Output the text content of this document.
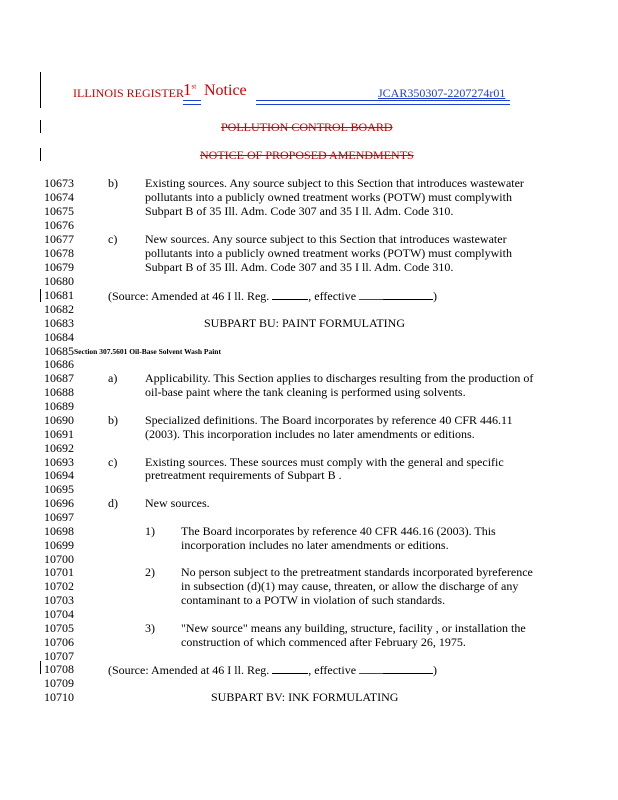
ILLINOIS REGISTER 1st Notice	JCAR350307-2207274r01
POLLUTION CONTROL BOARD
NOTICE OF PROPOSED AMENDMENTS
10673
10674
10675
10676
10677
10678
10679
10680
10681
10682
10683
10684
10685
10686
10687
10688
10689
10690
10691
10692
10693
10694
10695
10696
10697
10698
10699
10700
10701
10702
10703
10704
10705
10706
10707
10708
10709
10710
b) Existing sources. Any source subject to this Section that introduces wastewater
pollutants into a publicly owned treatment works (POTW) must complywith
Subpart B of 35 Ill. Adm. Code 307 and 35 I ll. Adm. Code 310.
c) New sources. Any source subject to this Section that introduces wastewater
pollutants into a publicly owned treatment works (POTW) must complywith
Subpart B of 35 Ill. Adm. Code 307 and 35 I ll. Adm. Code 310.
(Source: Amended at 46 I ll. Reg.	, effective	)
SUBPART BU: PAINT FORMULATING
Section 307.5601 Oil-Base Solvent Wash Paint
a) Applicability. This Section applies to discharges resulting from the production of
oil-base paint where the tank cleaning is performed using solvents.
b) Specialized definitions. The Board incorporates by reference 40 CFR 446.11
(2003). This incorporation includes no later amendments or editions.
c) Existing sources. These sources must comply with the general and specific
pretreatment requirements of Subpart B .
d) New sources.
1) The Board incorporates by reference 40 CFR 446.16 (2003). This
incorporation includes no later amendments or editions.
2) No person subject to the pretreatment standards incorporated byreference
in subsection (d)(1) may cause, threaten, or allow the discharge of any
contaminant to a POTW in violation of such standards.
3) "New source" means any building, structure, facility , or installation the
construction of which commenced after February 26, 1975.
(Source: Amended at 46 I ll. Reg.	, effective	)
SUBPART BV: INK FORMULATING
